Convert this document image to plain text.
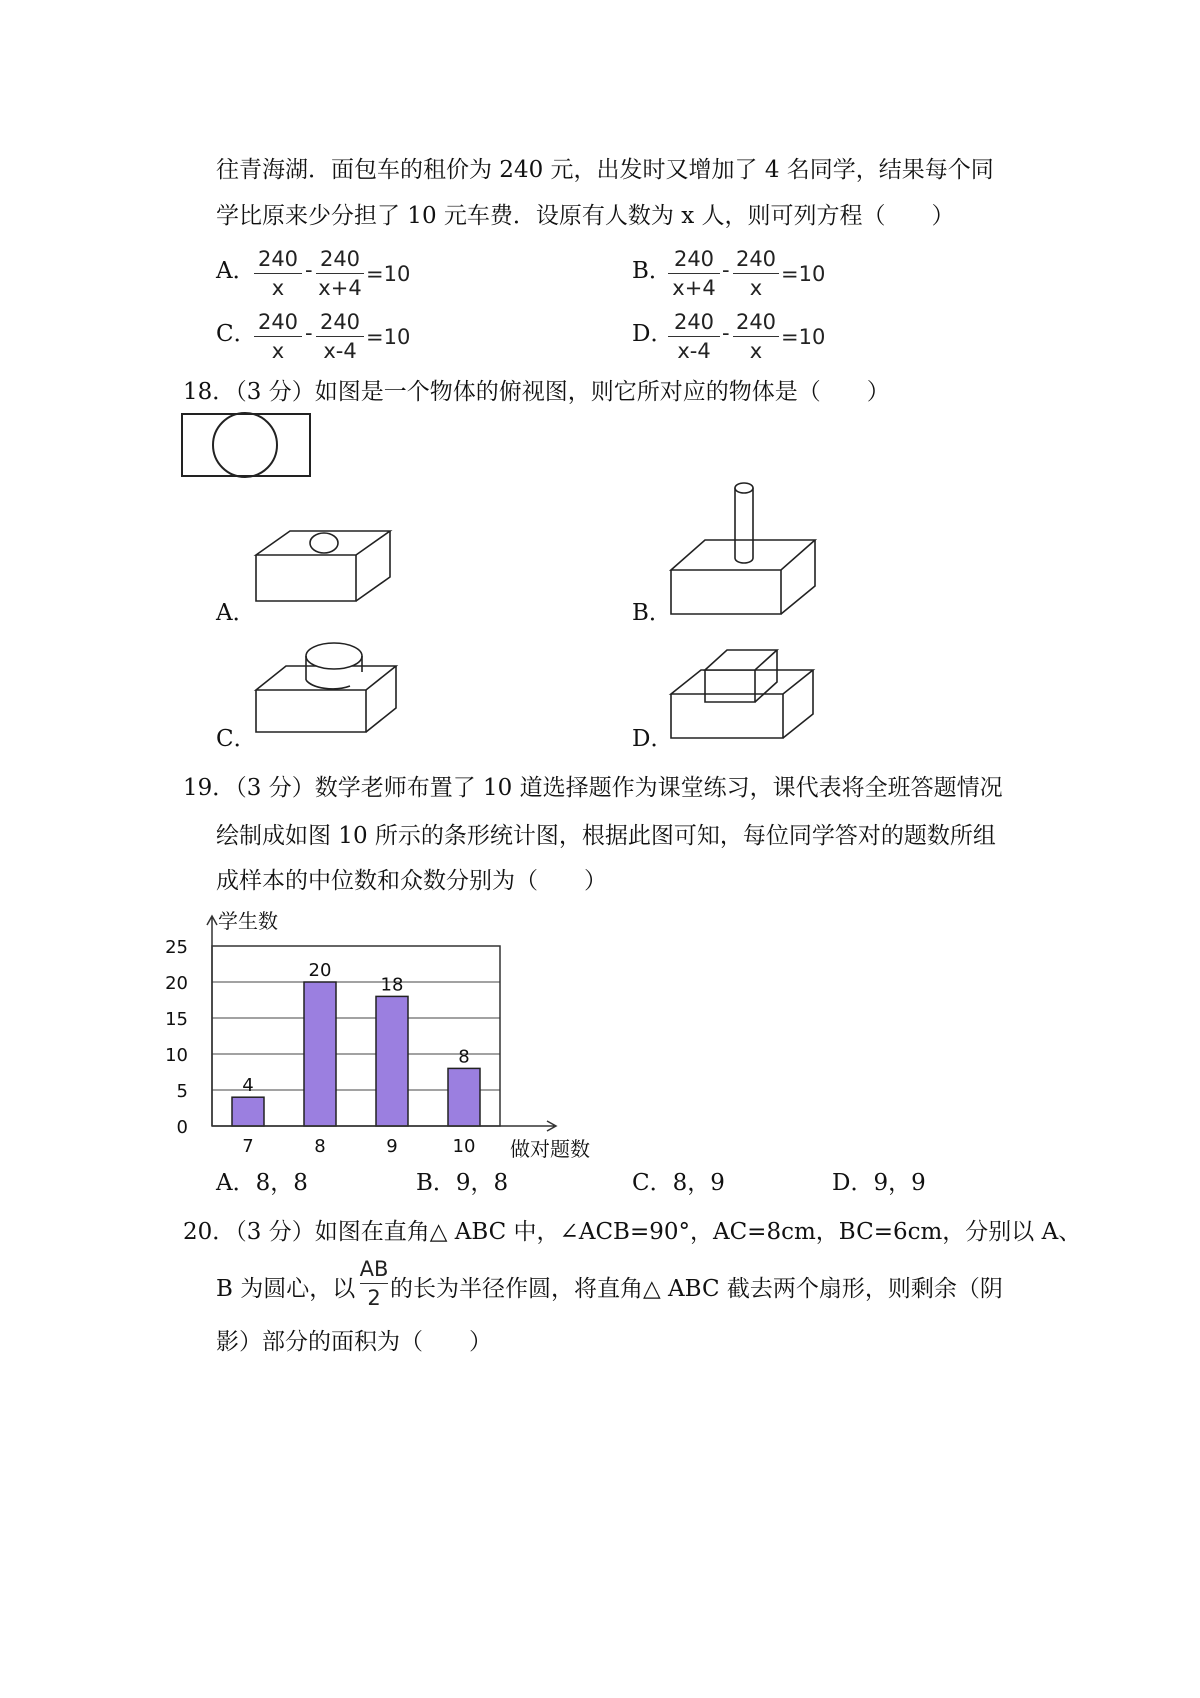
往青海湖．面包车的租价为 240 元，出发时又增加了 4 名同学，结果每个同
学比原来少分担了 10 元车费．设原有人数为 x 人，则可列方程（　　）
A． 240
x
- 240
x+4
=10	B． 240
x+4
- 240
x
=10
C． 240
x
- 240
x-4
=10	D． 240
x-4
- 240
x
=10
18．（3 分）如图是一个物体的俯视图，则它所对应的物体是（　　）
A．	B．
C．	D．
19．（3 分）数学老师布置了 10 道选择题作为课堂练习，课代表将全班答题情况
绘制成如图 10 所示的条形统计图，根据此图可知，每位同学答对的题数所组
成样本的中位数和众数分别为（　　）
0
5
10
15
20
25
7	8	9	10
4
20
18
8
学生数
做对题数
A．8，8	B．9，8	C．8，9	D．9，9
20．（3 分）如图在直角△ ABC 中，∠ACB=90°，AC=8cm，BC=6cm，分别以 A、
B 为圆心，以
AB
2 的长为半径作圆，将直角△ ABC 截去两个扇形，则剩余（阴
影）部分的面积为（　　）
